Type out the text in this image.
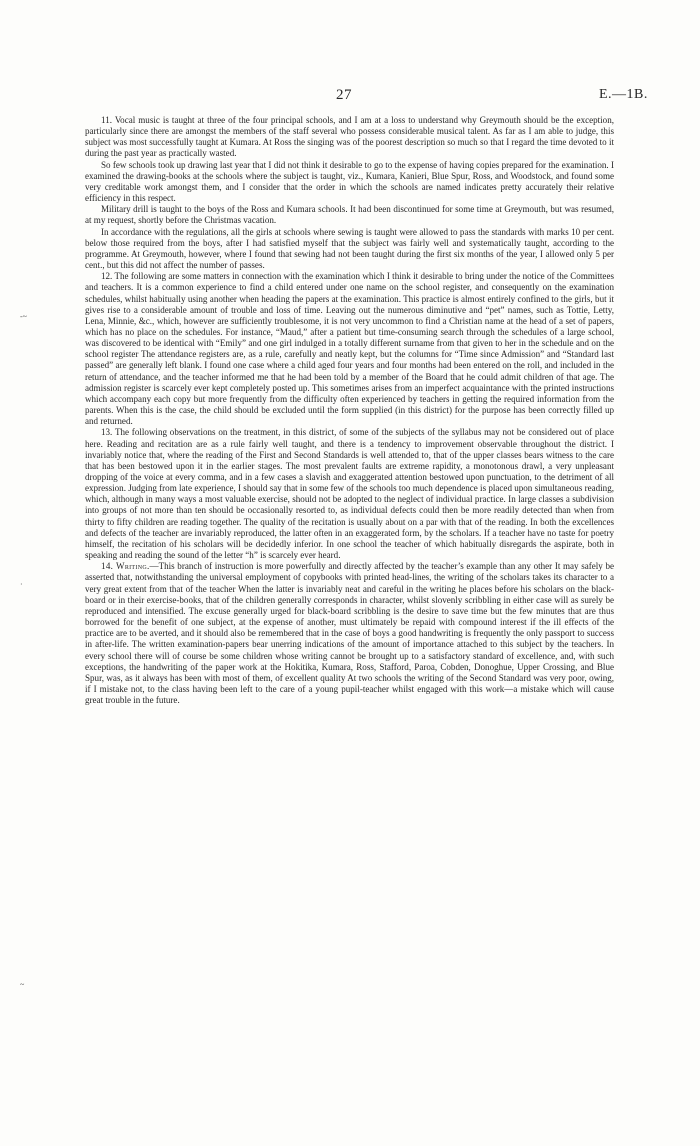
27	E.—1B.
-~
·
~

11. Vocal music is taught at three of the four principal schools, and I am at a loss to understand why Greymouth should be the exception, particularly since there are amongst the members of the staff several who possess considerable musical talent. As far as I am able to judge, this subject was most successfully taught at Kumara. At Ross the singing was of the poorest description so much so that I regard the time devoted to it during the past year as practically wasted.

So few schools took up drawing last year that I did not think it desirable to go to the expense of having copies prepared for the examination. I examined the drawing-books at the schools where the subject is taught, viz., Kumara, Kanieri, Blue Spur, Ross, and Woodstock, and found some very creditable work amongst them, and I consider that the order in which the schools are named indicates pretty accurately their relative efficiency in this respect.

Military drill is taught to the boys of the Ross and Kumara schools. It had been discontinued for some time at Greymouth, but was resumed, at my request, shortly before the Christmas vacation.

In accordance with the regulations, all the girls at schools where sewing is taught were allowed to pass the standards with marks 10 per cent. below those required from the boys, after I had satisfied myself that the subject was fairly well and systematically taught, according to the programme. At Greymouth, however, where I found that sewing had not been taught during the first six months of the year, I allowed only 5 per cent., but this did not affect the number of passes.

12. The following are some matters in connection with the examination which I think it desirable to bring under the notice of the Committees and teachers. It is a common experience to find a child entered under one name on the school register, and consequently on the examination schedules, whilst habitually using another when heading the papers at the examination. This practice is almost entirely confined to the girls, but it gives rise to a considerable amount of trouble and loss of time. Leaving out the numerous diminutive and “pet” names, such as Tottie, Letty, Lena, Minnie, &c., which, however are sufficiently troublesome, it is not very uncommon to find a Christian name at the head of a set of papers, which has no place on the schedules. For instance, “Maud,” after a patient but time-consuming search through the schedules of a large school, was discovered to be identical with “Emily” and one girl indulged in a totally different surname from that given to her in the schedule and on the school register The attendance registers are, as a rule, carefully and neatly kept, but the columns for “Time since Admission” and “Standard last passed” are generally left blank. I found one case where a child aged four years and four months had been entered on the roll, and included in the return of attendance, and the teacher informed me that he had been told by a member of the Board that he could admit children of that age. The admission register is scarcely ever kept completely posted up. This sometimes arises from an imperfect acquaintance with the printed instructions which accompany each copy but more frequently from the difficulty often experienced by teachers in getting the required information from the parents. When this is the case, the child should be excluded until the form supplied (in this district) for the purpose has been correctly filled up and returned.

13. The following observations on the treatment, in this district, of some of the subjects of the syllabus may not be considered out of place here. Reading and recitation are as a rule fairly well taught, and there is a tendency to improvement observable throughout the district. I invariably notice that, where the reading of the First and Second Standards is well attended to, that of the upper classes bears witness to the care that has been bestowed upon it in the earlier stages. The most prevalent faults are extreme rapidity, a monotonous drawl, a very unpleasant dropping of the voice at every comma, and in a few cases a slavish and exaggerated attention bestowed upon punctuation, to the detriment of all expression. Judging from late experience, I should say that in some few of the schools too much dependence is placed upon simultaneous reading, which, although in many ways a most valuable exercise, should not be adopted to the neglect of individual practice. In large classes a subdivision into groups of not more than ten should be occasionally resorted to, as individual defects could then be more readily detected than when from thirty to fifty children are reading together. The quality of the recitation is usually about on a par with that of the reading. In both the excellences and defects of the teacher are invariably reproduced, the latter often in an exaggerated form, by the scholars. If a teacher have no taste for poetry himself, the recitation of his scholars will be decidedly inferior. In one school the teacher of which habitually disregards the aspirate, both in speaking and reading the sound of the letter “h” is scarcely ever heard.

14. Writing.—This branch of instruction is more powerfully and directly affected by the teacher’s example than any other It may safely be asserted that, notwithstanding the universal employment of copybooks with printed head-lines, the writing of the scholars takes its character to a very great extent from that of the teacher When the latter is invariably neat and careful in the writing he places before his scholars on the black-board or in their exercise-books, that of the children generally corresponds in character, whilst slovenly scribbling in either case will as surely be reproduced and intensified. The excuse generally urged for black-board scribbling is the desire to save time but the few minutes that are thus borrowed for the benefit of one subject, at the expense of another, must ultimately be repaid with compound interest if the ill effects of the practice are to be averted, and it should also be remembered that in the case of boys a good handwriting is frequently the only passport to success in after-life. The written examination-papers bear unerring indications of the amount of importance attached to this subject by the teachers. In every school there will of course be some children whose writing cannot be brought up to a satisfactory standard of excellence, and, with such exceptions, the handwriting of the paper work at the Hokitika, Kumara, Ross, Stafford, Paroa, Cobden, Donoghue, Upper Crossing, and Blue Spur, was, as it always has been with most of them, of excellent quality At two schools the writing of the Second Standard was very poor, owing, if I mistake not, to the class having been left to the care of a young pupil-teacher whilst engaged with this work—a mistake which will cause great trouble in the future.
